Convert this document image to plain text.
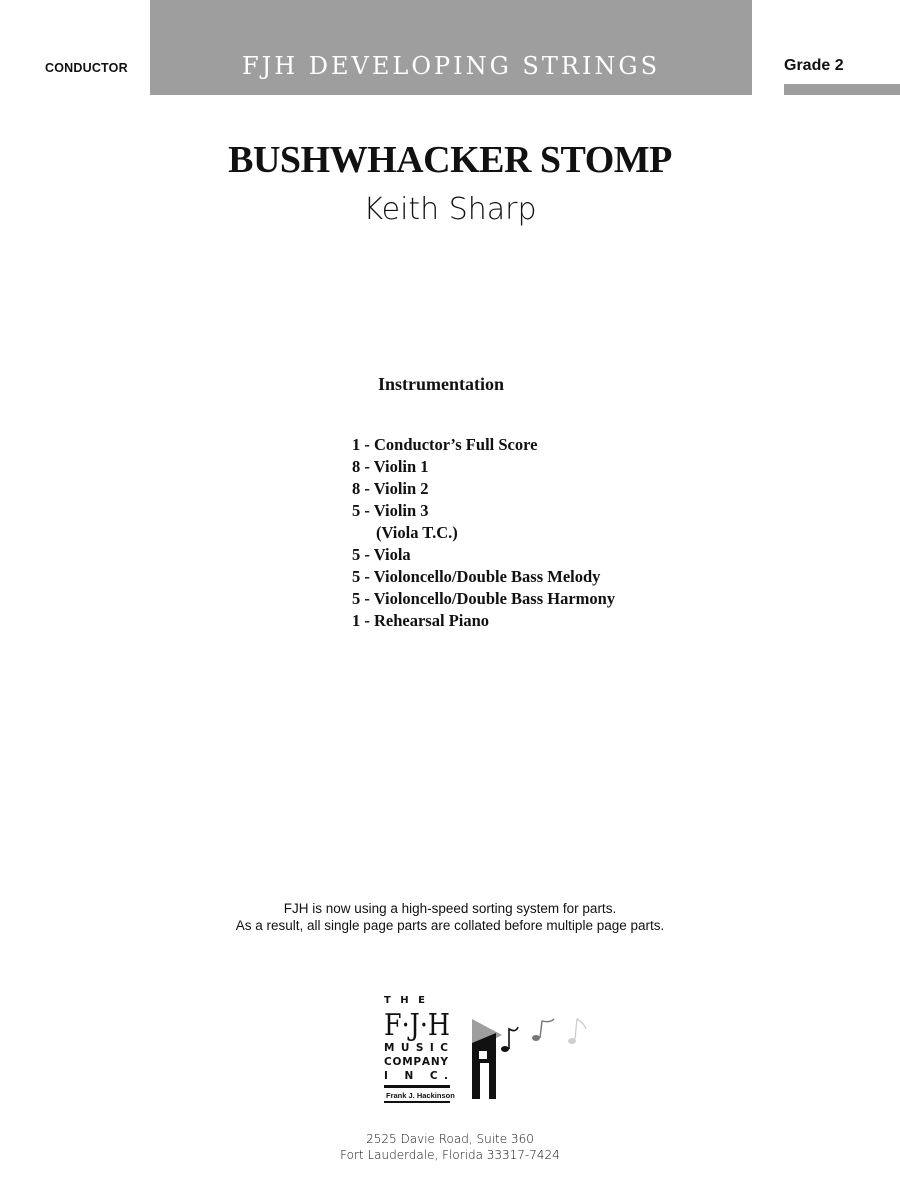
CONDUCTOR	FJH DEVELOPING STRINGS	Grade 2
BUSHWHACKER STOMP
Keith Sharp
Instrumentation
1 - Conductor’s Full Score
8 - Violin 1
8 - Violin 2
5 - Violin 3
(Viola T.C.)
5 - Viola
5 - Violoncello/Double Bass Melody
5 - Violoncello/Double Bass Harmony
1 - Rehearsal Piano
FJH is now using a high-speed sorting system for parts.
As a result, all single page parts are collated before multiple page parts.
T H E
F·J·H
M U S I C
C O M P A N Y
I N C.
Frank J. Hackinson
2525 Davie Road, Suite 360
Fort Lauderdale, Florida 33317-7424
